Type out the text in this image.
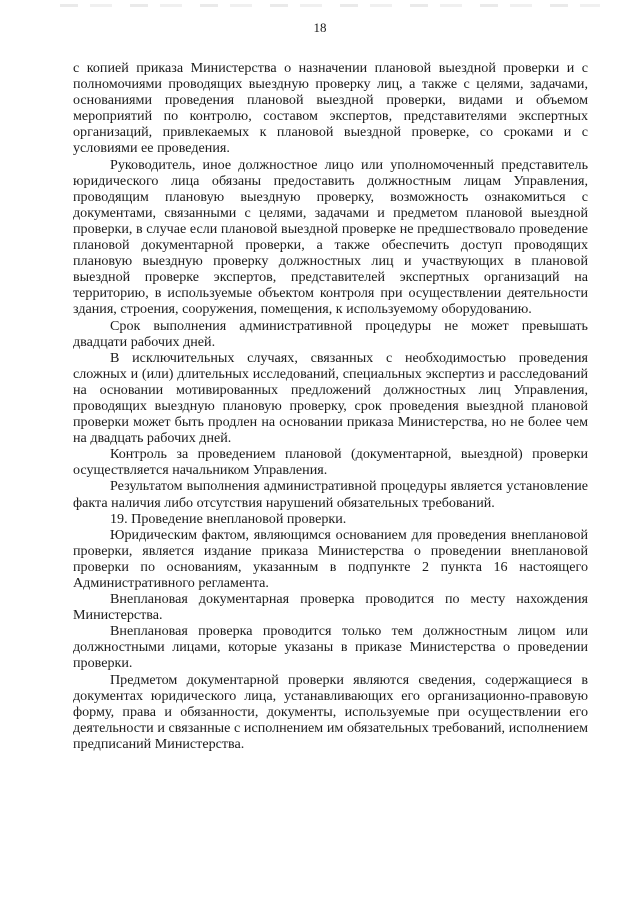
18

с копией приказа Министерства о назначении плановой выездной проверки и с полномочиями проводящих выездную проверку лиц, а также с целями, задачами, основаниями проведения плановой выездной проверки, видами и объемом мероприятий по контролю, составом экспертов, представителями экспертных организаций, привлекаемых к плановой выездной проверке, со сроками и с условиями ее проведения.

Руководитель, иное должностное лицо или уполномоченный представитель юридического лица обязаны предоставить должностным лицам Управления, проводящим плановую выездную проверку, возможность ознакомиться с документами, связанными с целями, задачами и предметом плановой выездной проверки, в случае если плановой выездной проверке не предшествовало проведение плановой документарной проверки, а также обеспечить доступ проводящих плановую выездную проверку должностных лиц и участвующих в плановой выездной проверке экспертов, представителей экспертных организаций на территорию, в используемые объектом контроля при осуществлении деятельности здания, строения, сооружения, помещения, к используемому оборудованию.

Срок выполнения административной процедуры не может превышать двадцати рабочих дней.

В исключительных случаях, связанных с необходимостью проведения сложных и (или) длительных исследований, специальных экспертиз и расследований на основании мотивированных предложений должностных лиц Управления, проводящих выездную плановую проверку, срок проведения выездной плановой проверки может быть продлен на основании приказа Министерства, но не более чем на двадцать рабочих дней.

Контроль за проведением плановой (документарной, выездной) проверки осуществляется начальником Управления.

Результатом выполнения административной процедуры является установление факта наличия либо отсутствия нарушений обязательных требований.

19. Проведение внеплановой проверки.

Юридическим фактом, являющимся основанием для проведения внеплановой проверки, является издание приказа Министерства о проведении внеплановой проверки по основаниям, указанным в подпункте 2 пункта 16 настоящего Административного регламента.

Внеплановая документарная проверка проводится по месту нахождения Министерства.

Внеплановая проверка проводится только тем должностным лицом или должностными лицами, которые указаны в приказе Министерства о проведении проверки.

Предметом документарной проверки являются сведения, содержащиеся в документах юридического лица, устанавливающих его организационно-правовую форму, права и обязанности, документы, используемые при осуществлении его деятельности и связанные с исполнением им обязательных требований, исполнением предписаний Министерства.
